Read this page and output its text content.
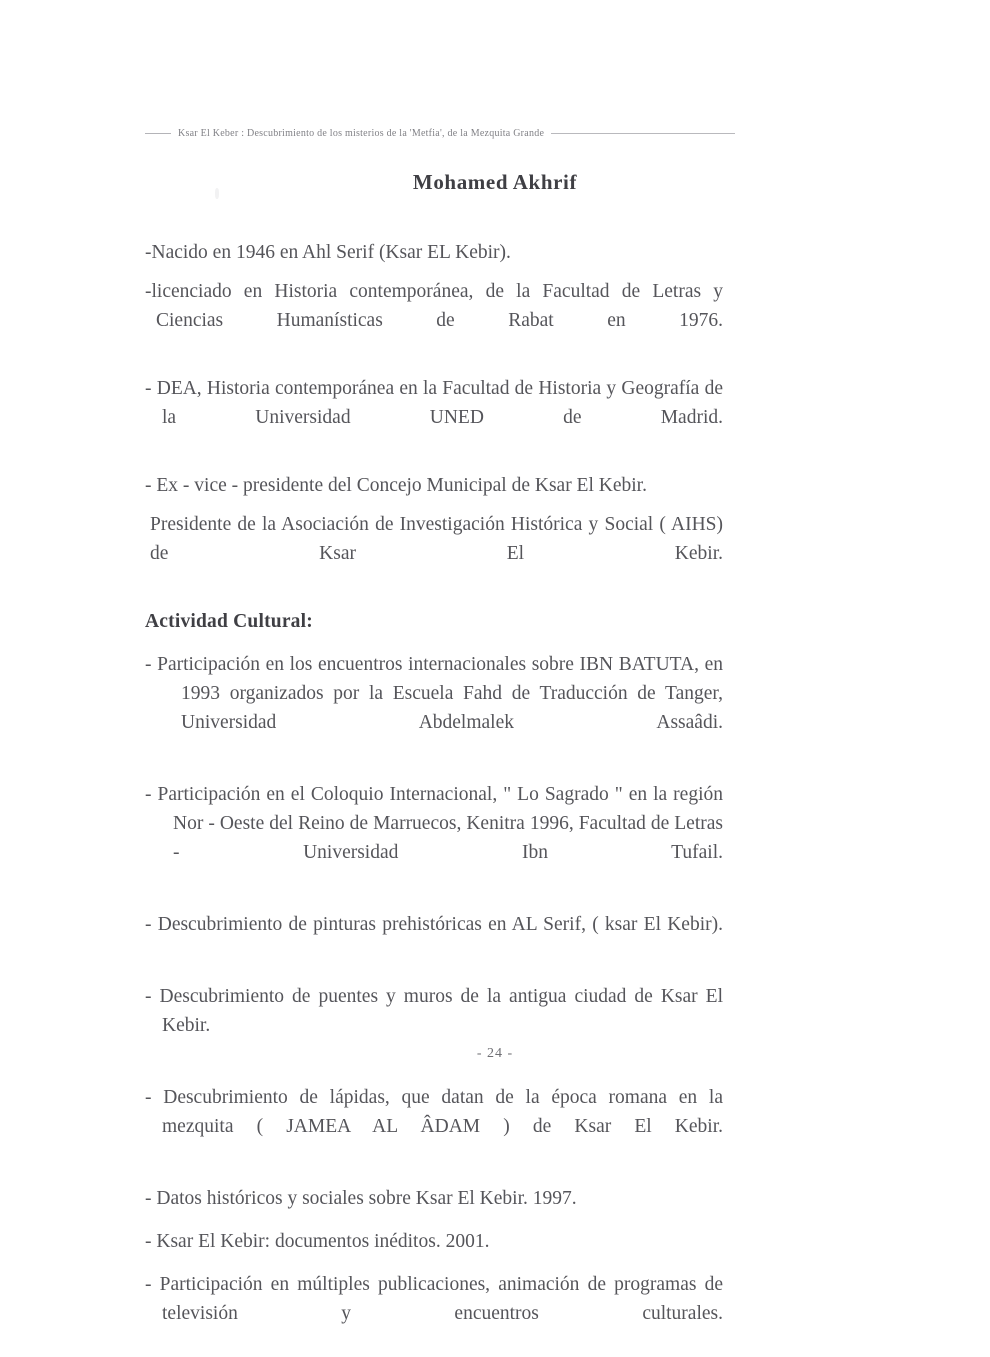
Ksar El Keber : Descubrimiento de los misterios de la 'Metfia', de la Mezquita Grande
Mohamed Akhrif

-Nacido en 1946 en Ahl Serif (Ksar EL Kebir).

-licenciado en Historia contemporánea, de la Facultad de Letras y Ciencias Humanísticas de Rabat en 1976.

- DEA, Historia contemporánea en la Facultad de Historia y Geografía de la Universidad UNED de Madrid.

- Ex - vice - presidente del Concejo Municipal de Ksar El Kebir.

Presidente de la Asociación de Investigación Histórica y Social ( AIHS) de Ksar El Kebir.

Actividad Cultural:

- Participación en los encuentros internacionales sobre IBN BATUTA, en 1993 organizados por la Escuela Fahd de Traducción de Tanger, Universidad Abdelmalek Assaâdi.

- Participación en el Coloquio Internacional, " Lo Sagrado " en la región Nor - Oeste del Reino de Marruecos, Kenitra 1996, Facultad de Letras - Universidad Ibn Tufail.

- Descubrimiento de pinturas prehistóricas en AL Serif, ( ksar El Kebir).

- Descubrimiento de puentes y muros de la antigua ciudad de Ksar El Kebir.

- Descubrimiento de lápidas, que datan de la época romana en la mezquita ( JAMEA AL ÂDAM ) de Ksar El Kebir.

- Datos históricos y sociales sobre Ksar El Kebir. 1997.

- Ksar El Kebir: documentos inéditos. 2001.

- Participación en múltiples publicaciones, animación de programas de televisión y encuentros culturales.

- 24 -
